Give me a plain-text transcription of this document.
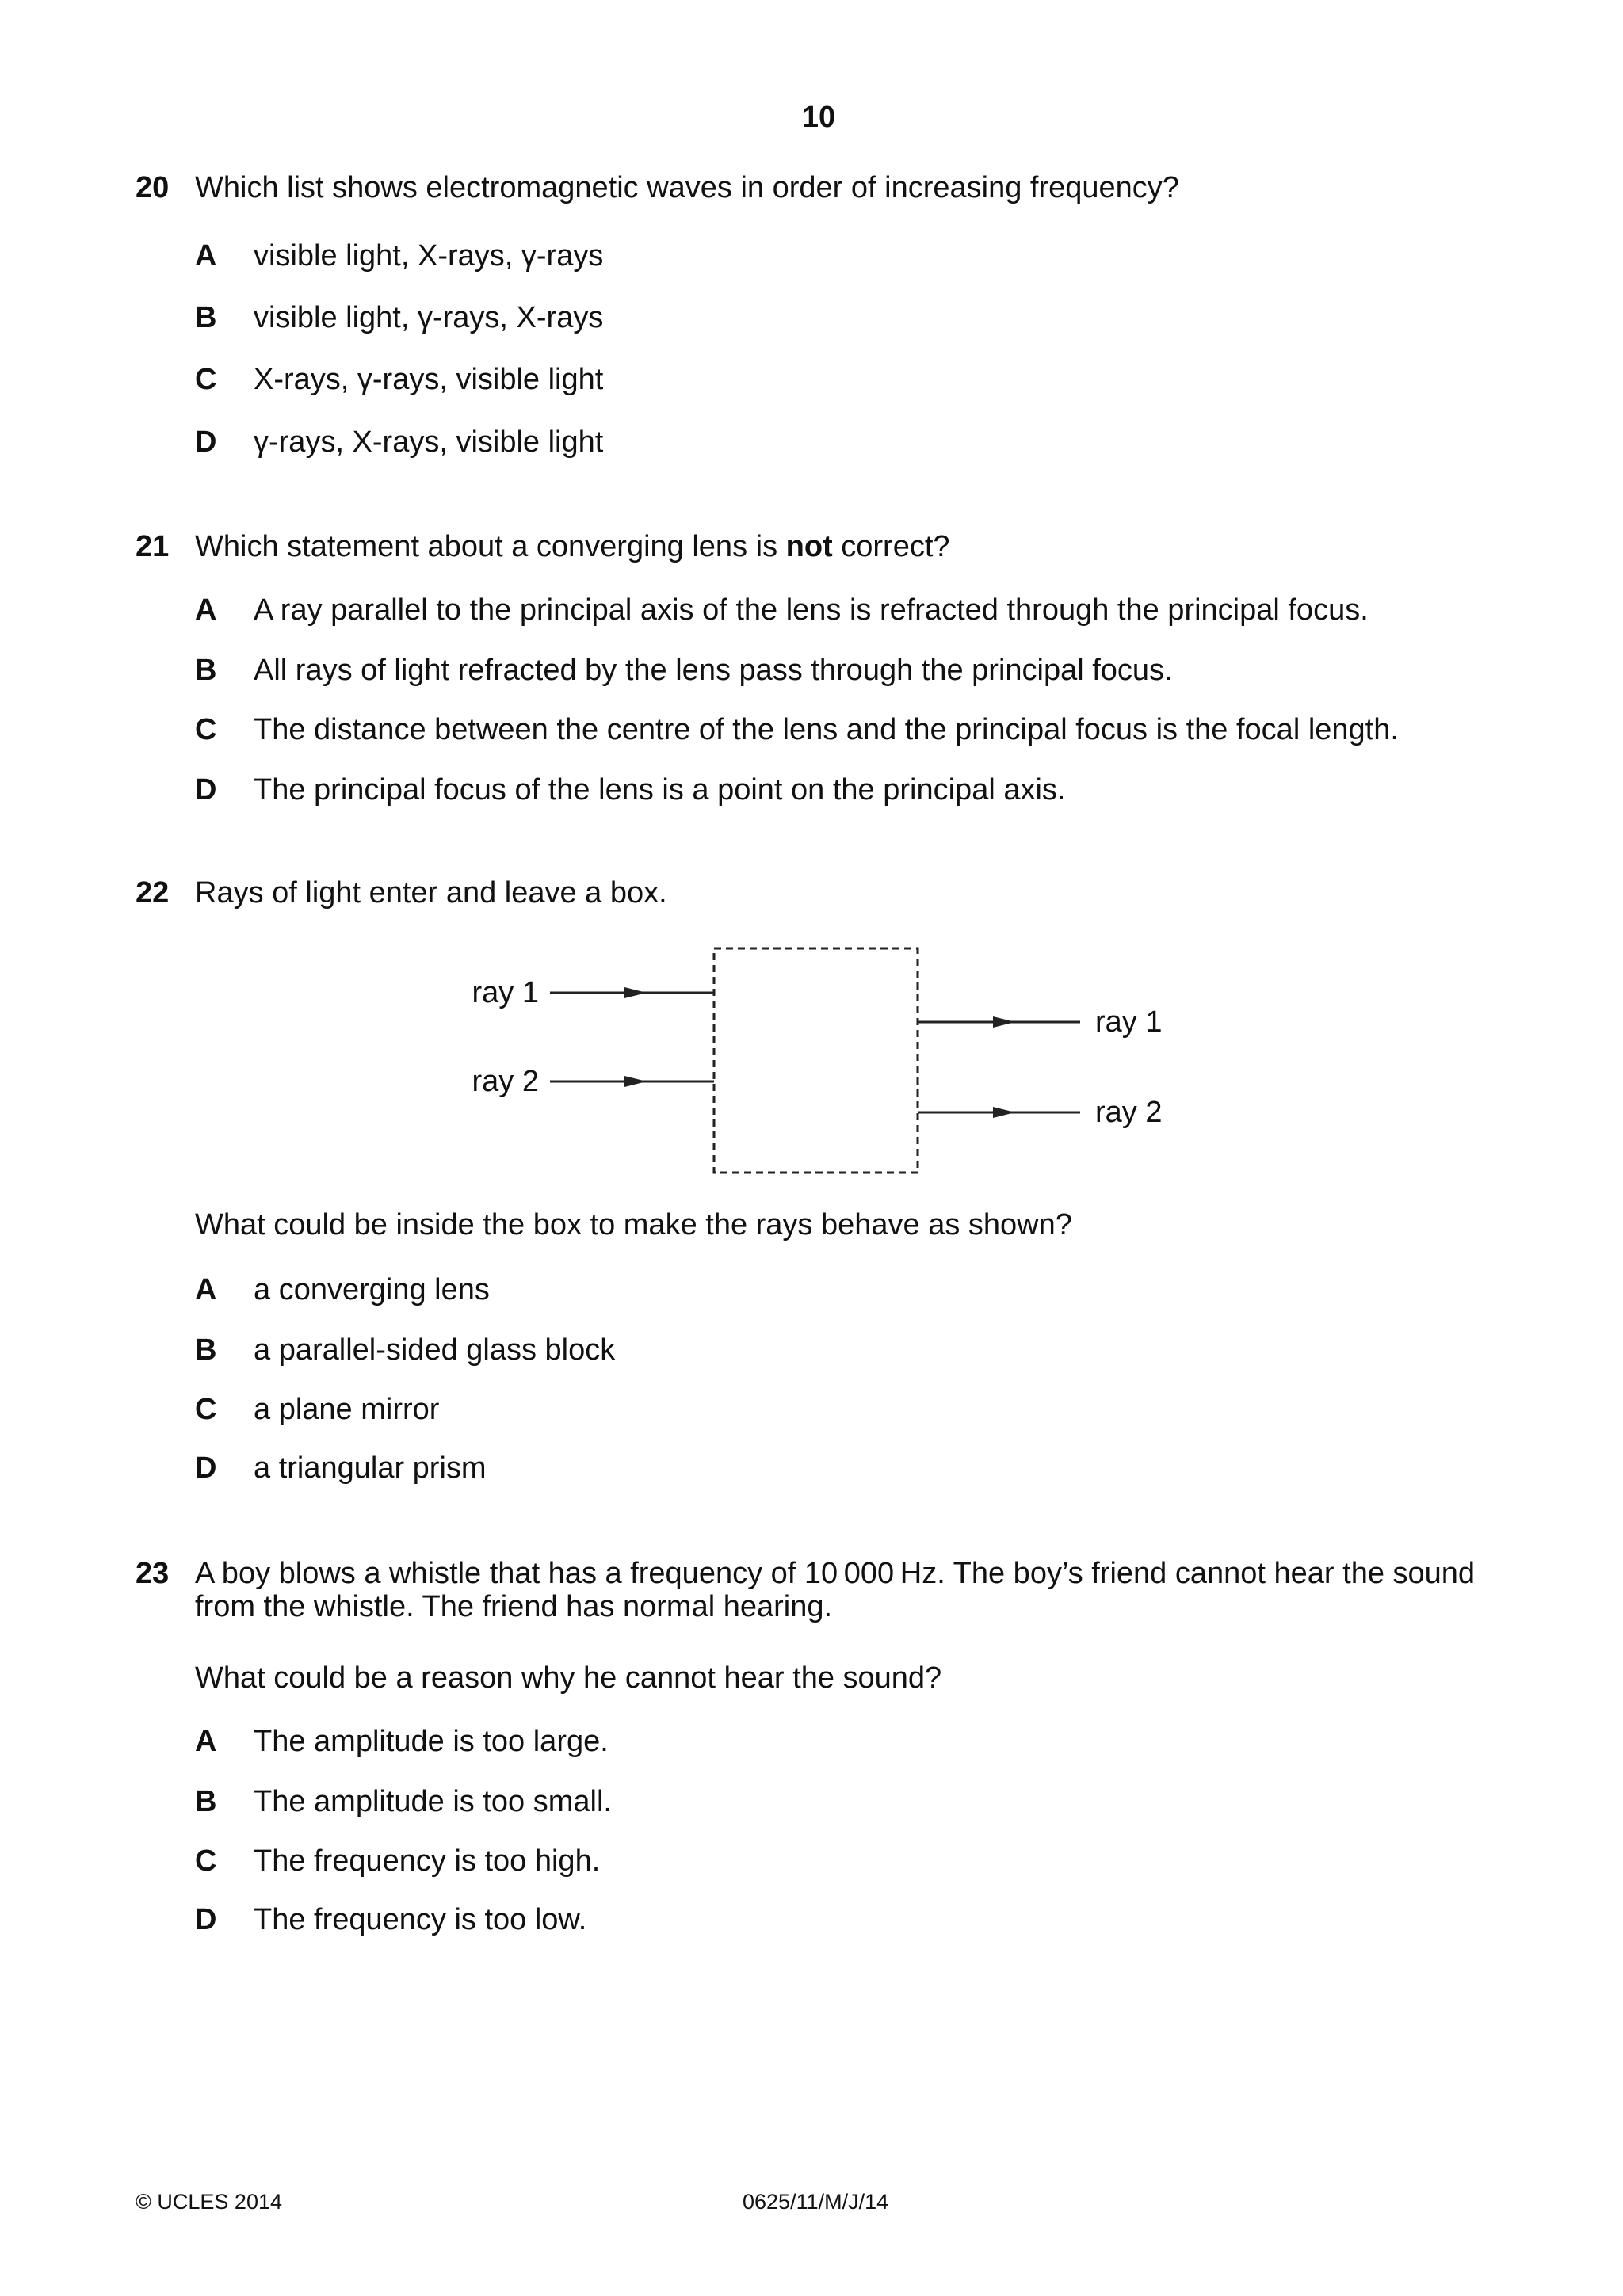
10
20 Which list shows electromagnetic waves in order of increasing frequency?
A visible light, X-rays, γ-rays
B visible light, γ-rays, X-rays
C X-rays, γ-rays, visible light
D γ-rays, X-rays, visible light
21 Which statement about a converging lens is not correct?
A A ray parallel to the principal axis of the lens is refracted through the principal focus.
B All rays of light refracted by the lens pass through the principal focus.
C The distance between the centre of the lens and the principal focus is the focal length.
D The principal focus of the lens is a point on the principal axis.
22 Rays of light enter and leave a box.
ray 1
ray 2
ray 1
ray 2
What could be inside the box to make the rays behave as shown?
A a converging lens
B a parallel-sided glass block
C a plane mirror
D a triangular prism
23 A boy blows a whistle that has a frequency of 10 000 Hz. The boy’s friend cannot hear the sound
from the whistle. The friend has normal hearing.
What could be a reason why he cannot hear the sound?
A The amplitude is too large.
B The amplitude is too small.
C The frequency is too high.
D The frequency is too low.
© UCLES 2014	0625/11/M/J/14
